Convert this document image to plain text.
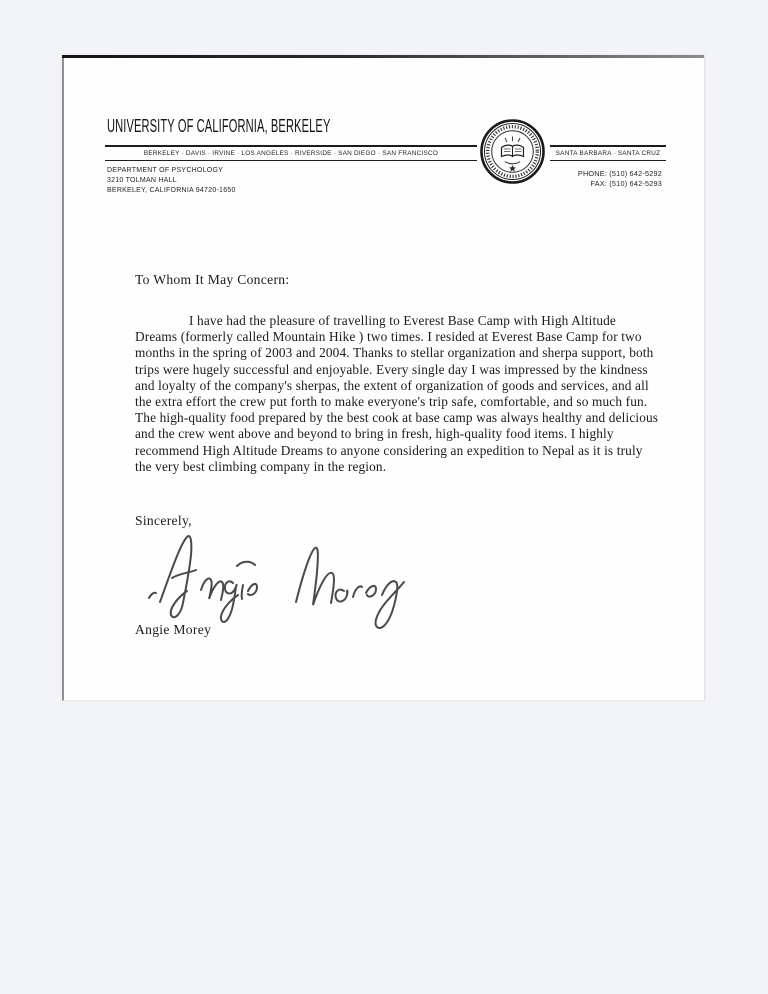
UNIVERSITY OF CALIFORNIA, BERKELEY
BERKELEY · DAVIS · IRVINE · LOS ANGELES · RIVERSIDE · SAN DIEGO · SAN FRANCISCO	SANTA BARBARA · SANTA CRUZ
DEPARTMENT OF PSYCHOLOGY
3210 TOLMAN HALL
BERKELEY, CALIFORNIA 94720-1650
PHONE: (510) 642-5292
FAX: (510) 642-5293
To Whom It May Concern:

I have had the pleasure of travelling to Everest Base Camp with High Altitude Dreams (formerly called Mountain Hike ) two times. I resided at Everest Base Camp for two months in the spring of 2003 and 2004. Thanks to stellar organization and sherpa support, both trips were hugely successful and enjoyable. Every single day I was impressed by the kindness and loyalty of the company's sherpas, the extent of organization of goods and services, and all the extra effort the crew put forth to make everyone's trip safe, comfortable, and so much fun. The high-quality food prepared by the best cook at base camp was always healthy and delicious and the crew went above and beyond to bring in fresh, high-quality food items. I highly recommend High Altitude Dreams to anyone considering an expedition to Nepal as it is truly the very best climbing company in the region.

Sincerely,
Angie Morey
